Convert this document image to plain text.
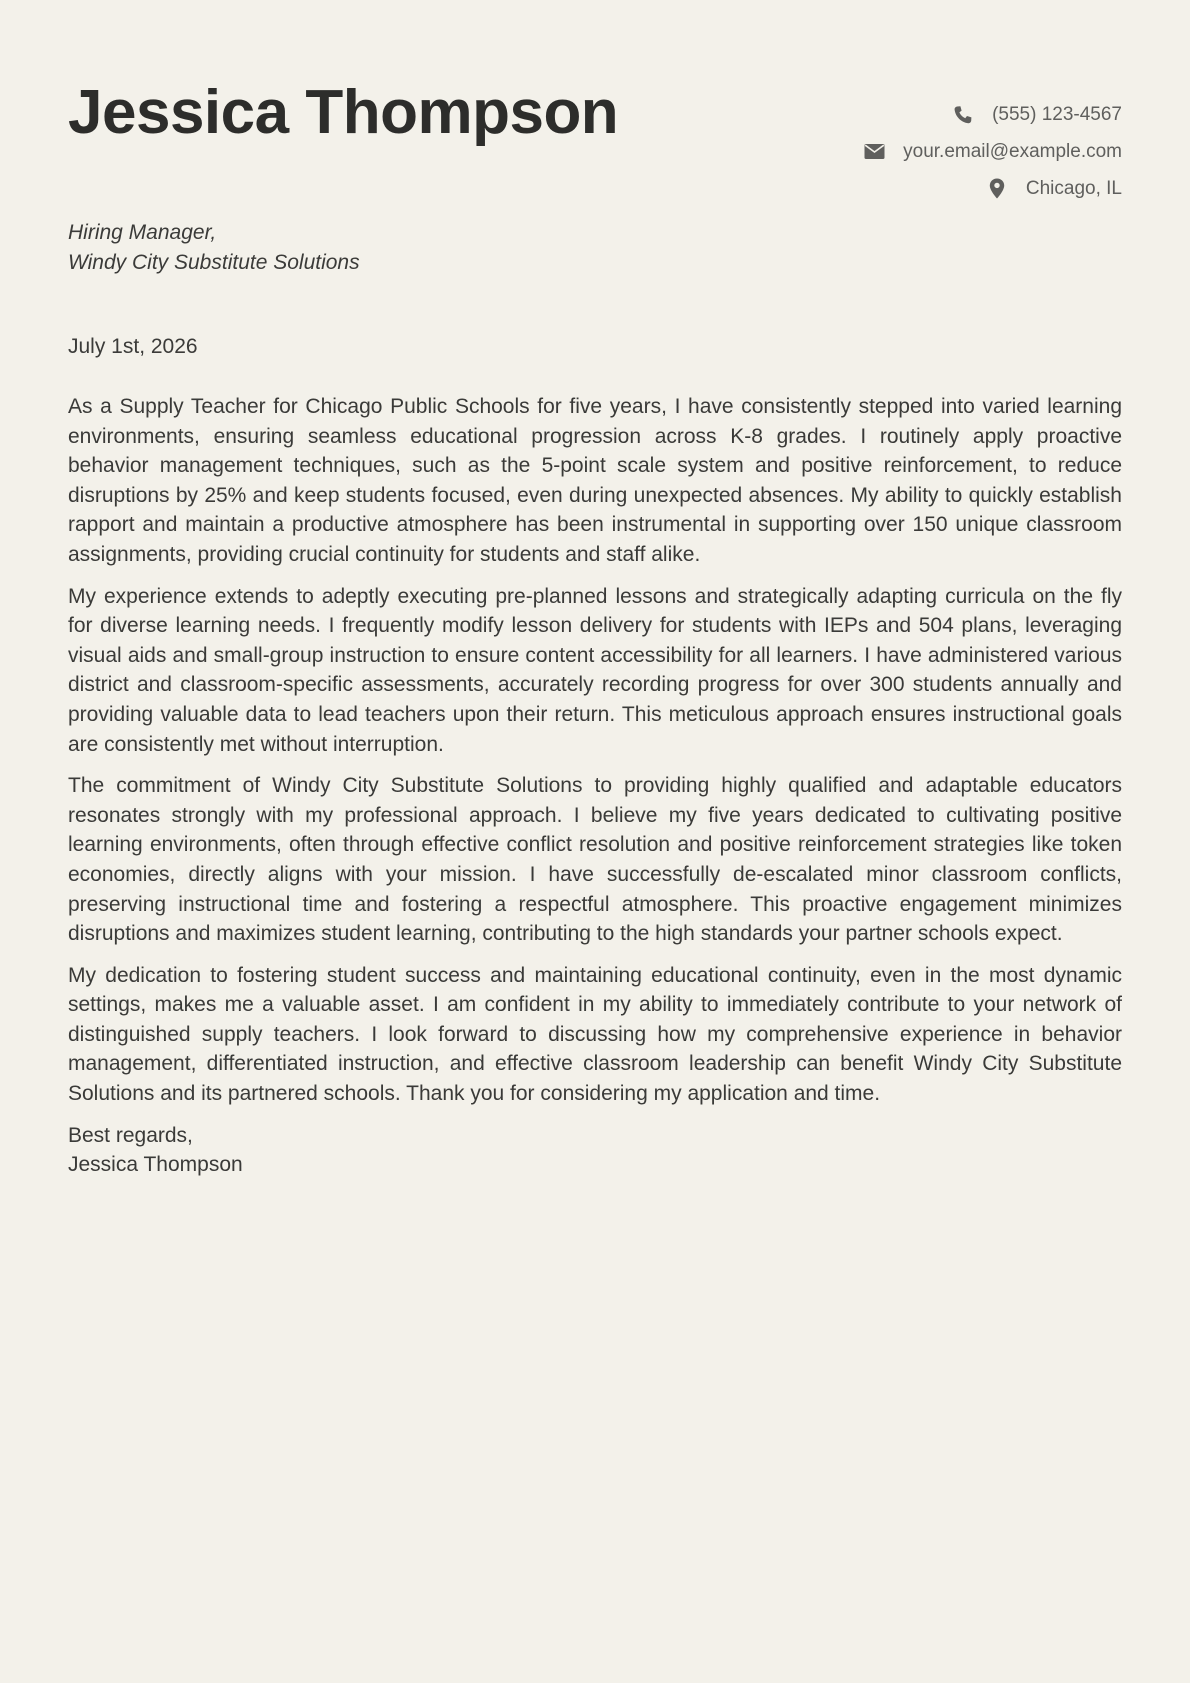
Jessica Thompson	(555) 123-4567
your.email@example.com
Chicago, IL
Hiring Manager,
Windy City Substitute Solutions
July 1st, 2026

As a Supply Teacher for Chicago Public Schools for five years, I have consistently stepped into varied learning environments, ensuring seamless educational progression across K-8 grades. I routinely apply proactive behavior management techniques, such as the 5-point scale system and positive reinforcement, to reduce disruptions by 25% and keep students focused, even during unexpected absences. My ability to quickly establish rapport and maintain a productive atmosphere has been instrumental in supporting over 150 unique classroom assignments, providing crucial continuity for students and staff alike.

My experience extends to adeptly executing pre-planned lessons and strategically adapting curricula on the fly for diverse learning needs. I frequently modify lesson delivery for students with IEPs and 504 plans, leveraging visual aids and small-group instruction to ensure content accessibility for all learners. I have administered various district and classroom-specific assessments, accurately recording progress for over 300 students annually and providing valuable data to lead teachers upon their return. This meticulous approach ensures instructional goals are consistently met without interruption.

The commitment of Windy City Substitute Solutions to providing highly qualified and adaptable educators resonates strongly with my professional approach. I believe my five years dedicated to cultivating positive learning environments, often through effective conflict resolution and positive reinforcement strategies like token economies, directly aligns with your mission. I have successfully de-escalated minor classroom conflicts, preserving instructional time and fostering a respectful atmosphere. This proactive engagement minimizes disruptions and maximizes student learning, contributing to the high standards your partner schools expect.

My dedication to fostering student success and maintaining educational continuity, even in the most dynamic settings, makes me a valuable asset. I am confident in my ability to immediately contribute to your network of distinguished supply teachers. I look forward to discussing how my comprehensive experience in behavior management, differentiated instruction, and effective classroom leadership can benefit Windy City Substitute Solutions and its partnered schools. Thank you for considering my application and time.

Best regards,
Jessica Thompson
